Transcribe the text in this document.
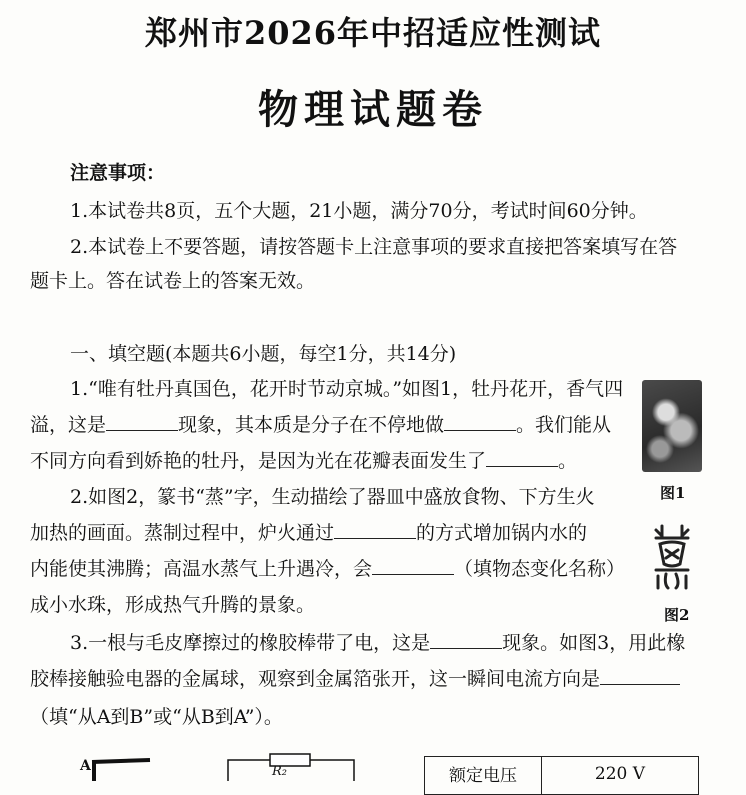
郑州市2026年中招适应性测试
物理试题卷
注意事项：
1.本试卷共8页，五个大题，21小题，满分70分，考试时间60分钟。
2.本试卷上不要答题，请按答题卡上注意事项的要求直接把答案填写在答
题卡上。答在试卷上的答案无效。
一、填空题(本题共6小题，每空1分，共14分)
1.“唯有牡丹真国色，花开时节动京城。”如图1，牡丹花开，香气四
溢，这是	现象，其本质是分子在不停地做	。我们能从
不同方向看到娇艳的牡丹，是因为光在花瓣表面发生了	。
图1
2.如图2，篆书“蒸”字，生动描绘了器皿中盛放食物、下方生火
加热的画面。蒸制过程中，炉火通过	的方式增加锅内水的
内能使其沸腾；高温水蒸气上升遇冷，会	（填物态变化名称）
成小水珠，形成热气升腾的景象。	图2
3.一根与毛皮摩擦过的橡胶棒带了电，这是	现象。如图3，用此橡
胶棒接触验电器的金属球，观察到金属箔张开，这一瞬间电流方向是
（填“从A到B”或“从B到A”）。
A	R₂	额定电压	220 V
